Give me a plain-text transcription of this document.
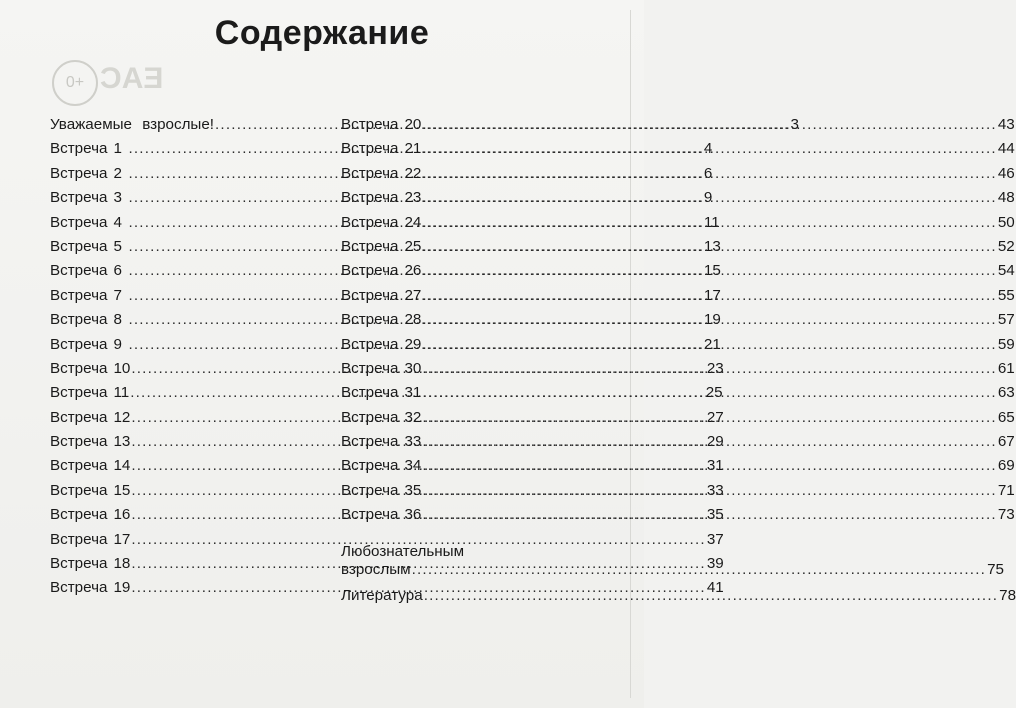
0+ EAC
Содержание
Уважаемые взрослые! .....	3
Встреча 1 .....	4
Встреча 2 .....	6
Встреча 3 .....	9
Встреча 4 .....	11
Встреча 5 .....	13
Встреча 6 .....	15
Встреча 7 .....	17
Встреча 8 .....	19
Встреча 9 .....	21
Встреча 10 .....	23
Встреча 11 .....	25
Встреча 12 .....	27
Встреча 13 .....	29
Встреча 14 .....	31
Встреча 15 .....	33
Встреча 16 .....	35
Встреча 17 .....	37
Встреча 18 .....	39
Встреча 19 .....	41
Встреча 20 .....	43
Встреча 21 .....	44
Встреча 22 .....	46
Встреча 23 .....	48
Встреча 24 .....	50
Встреча 25 .....	52
Встреча 26 .....	54
Встреча 27 .....	55
Встреча 28 .....	57
Встреча 29 .....	59
Встреча 30 .....	61
Встреча 31 .....	63
Встреча 32 .....	65
Встреча 33 .....	67
Встреча 34 .....	69
Встреча 35 .....	71
Встреча 36 .....	73
Любознательным
взрослым .....	75
Литература .....	78
